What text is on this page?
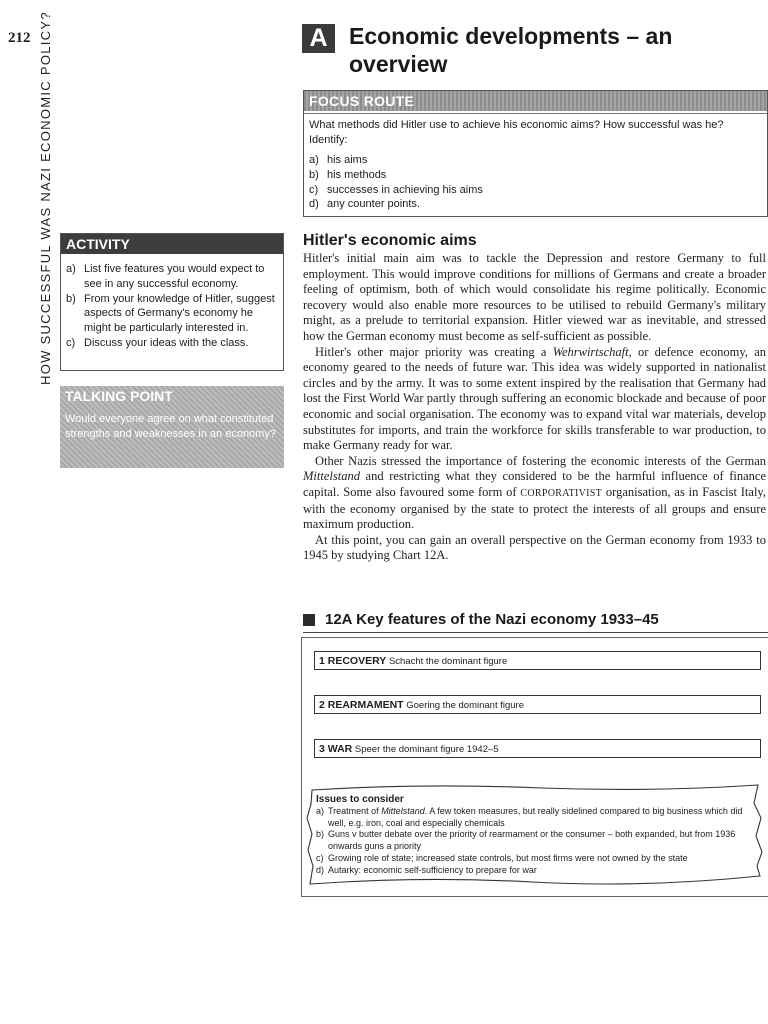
212 HOW SUCCESSFUL WAS NAZI ECONOMIC POLICY?	A Economic developments – an overview
FOCUS ROUTE
What methods did Hitler use to achieve his economic aims? How successful was he? Identify:
a) his aims
b) his methods
c) successes in achieving his aims
d) any counter points.
ACTIVITY
a) List five features you would expect to see in any successful economy.
b) From your knowledge of Hitler, suggest aspects of Germany's economy he might be particularly interested in.
c) Discuss your ideas with the class.
TALKING POINT
Would everyone agree on what constituted strengths and weaknesses in an economy?
Hitler's economic aims

Hitler's initial main aim was to tackle the Depression and restore Germany to full employment. This would improve conditions for millions of Germans and create a broader feeling of optimism, both of which would consolidate his regime politically. Economic recovery would also enable more resources to be utilised to rebuild Germany's military might, as a prelude to territorial expansion. Hitler viewed war as inevitable, and stressed how the German economy must become as self-sufficient as possible.

Hitler's other major priority was creating a Wehrwirtschaft, or defence economy, an economy geared to the needs of future war. This idea was widely supported in nationalist circles and by the army. It was to some extent inspired by the realisation that Germany had lost the First World War partly through suffering an economic blockade and because of poor economic and social organisation. The economy was to expand vital war materials, develop substitutes for imports, and train the workforce for skills transferable to war production, to make Germany ready for war.

Other Nazis stressed the importance of fostering the economic interests of the German Mittelstand and restricting what they considered to be the harmful influence of finance capital. Some also favoured some form of CORPORATIVIST organisation, as in Fascist Italy, with the economy organised by the state to protect the interests of all groups and ensure maximum production.

At this point, you can gain an overall perspective on the German economy from 1933 to 1945 by studying Chart 12A.

12A Key features of the Nazi economy 1933–45
1 RECOVERY Schacht the dominant figure
2 REARMAMENT Goering the dominant figure
3 WAR Speer the dominant figure 1942–5
Issues to consider
a) Treatment of Mittelstand. A few token measures, but really sidelined compared to big business which did well, e.g. iron, coal and especially chemicals
b) Guns v butter debate over the priority of rearmament or the consumer – both expanded, but from 1936 onwards guns a priority
c) Growing role of state; increased state controls, but most firms were not owned by the state
d) Autarky: economic self-sufficiency to prepare for war
